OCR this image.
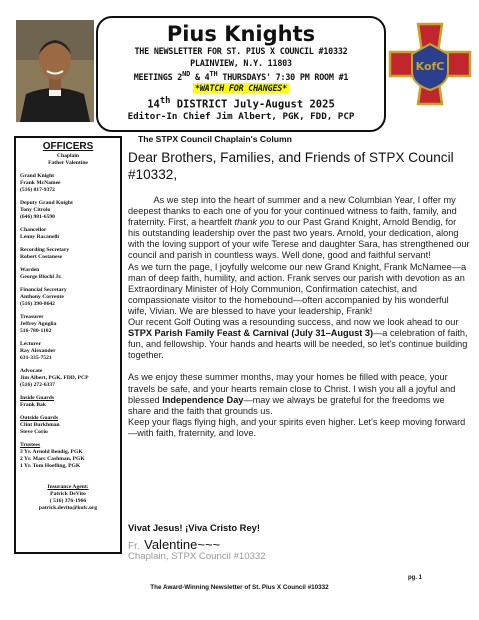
Pius Knights
THE NEWSLETTER FOR ST. PIUS X COUNCIL #10332
PLAINVIEW, N.Y. 11803
MEETINGS 2ND & 4TH THURSDAYS' 7:30 PM ROOM #1
*WATCH FOR CHANGES*
14th DISTRICT July-August 2025
Editor-In Chief Jim Albert, PGK, FDD, PCP
KofC
OFFICERS
Chaplain
Father Valentine
Grand Knight
Frank McNamee
(516) 817-9372
Deputy Grand Knight
Tony Citrolo
(646) 981-6590
Chancellor
Lenny Racanelli
Recording Secretary
Robert Costanese
Warden
George Blochl Jr.
Financial Secretary
Anthony Corrente
(516) 390-8642
Treasurer
Jeffrey Aguglia
516-780-1102
Lecturer
Ray Alexander
631-335-7521
Advocate
Jim Albert, PGK, FDD, PCP
(516) 272-6337
Inside Guards
Frank Bak
Outside Guards
Clint Burkhman
Steve Corio
Trustees
3 Yr. Arnold Bendig, PGK
2 Yr. Marc Cashman, PGK
1 Yr. Tom Hoefling, PGK
Insurance Agent:
Patrick DeVito
( 516) 376-1966
patrick.devito@kofc.org
The STPX Council Chaplain's Column
Dear Brothers, Families, and Friends of STPX Council #10332,

As we step into the heart of summer and a new Columbian Year, I offer my deepest thanks to each one of you for your continued witness to faith, family, and fraternity. First, a heartfelt thank you to our Past Grand Knight, Arnold Bendig, for his outstanding leadership over the past two years. Arnold, your dedication, along with the loving support of your wife Terese and daughter Sara, has strengthened our council and parish in countless ways. Well done, good and faithful servant!

As we turn the page, I joyfully welcome our new Grand Knight, Frank McNamee—a man of deep faith, humility, and action. Frank serves our parish with devotion as an Extraordinary Minister of Holy Communion, Confirmation catechist, and compassionate visitor to the homebound—often accompanied by his wonderful wife, Vivian. We are blessed to have your leadership, Frank!

Our recent Golf Outing was a resounding success, and now we look ahead to our STPX Parish Family Feast & Carnival (July 31–August 3)—a celebration of faith, fun, and fellowship. Your hands and hearts will be needed, so let's continue building together.

As we enjoy these summer months, may your homes be filled with peace, your travels be safe, and your hearts remain close to Christ. I wish you all a joyful and blessed Independence Day—may we always be grateful for the freedoms we share and the faith that grounds us.

Keep your flags flying high, and your spirits even higher. Let's keep moving forward—with faith, fraternity, and love.

Vivat Jesus! ¡Viva Cristo Rey!
Fr. Valentine~~~
Chaplain, STPX Council #10332
pg. 1
The Award-Winning Newsletter of St. Pius X Council #10332
